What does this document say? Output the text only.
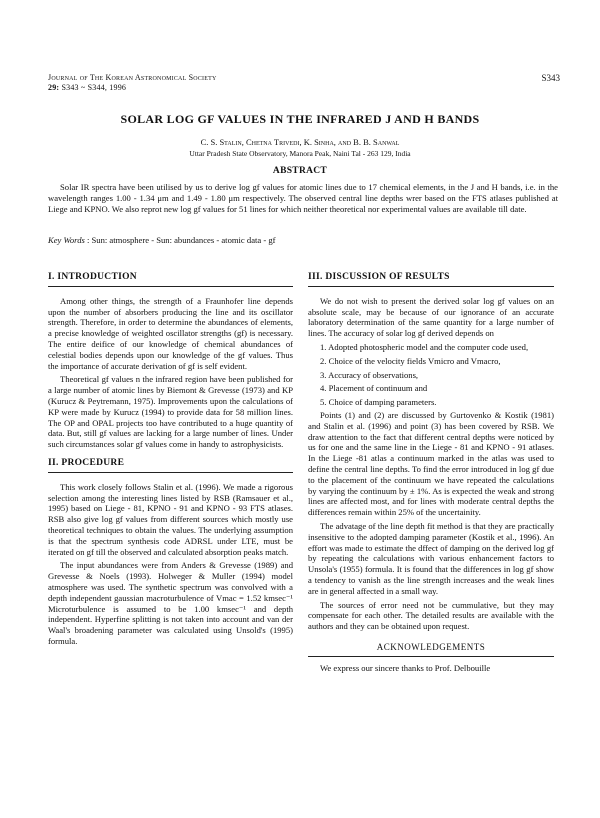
Journal of The Korean Astronomical Society
29: S343 ~ S344, 1996
S343
SOLAR LOG GF VALUES IN THE INFRARED J AND H BANDS
C. S. Stalin, Chetna Trivedi, K. Sinha, and B. B. Sanwal
Uttar Pradesh State Observatory, Manora Peak, Naini Tal - 263 129, India
ABSTRACT
Solar IR spectra have been utilised by us to derive log gf values for atomic lines due to 17 chemical elements, in the J and H bands, i.e. in the wavelength ranges 1.00 - 1.34 μm and 1.49 - 1.80 μm respectively. The observed central line depths wrer based on the FTS atlases published at Liege and KPNO. We also reprot new log gf values for 51 lines for which neither theoretical nor experimental values are available till date.
Key Words : Sun: atmosphere - Sun: abundances - atomic data - gf
I. INTRODUCTION

Among other things, the strength of a Fraunhofer line depends upon the number of absorbers producing the line and its oscillator strength. Therefore, in order to determine the abundances of elements, a precise knowledge of weighted oscillator strengths (gf) is necessary. The entire deifice of our knowledge of chemical abundances of celestial bodies depends upon our knowledge of the gf values. Thus the importance of accurate derivation of gf is self evident.

Theoretical gf values n the infrared region have been published for a large number of atomic lines by Biemont & Grevesse (1973) and KP (Kurucz & Peytremann, 1975). Improvements upon the calculations of KP were made by Kurucz (1994) to provide data for 58 million lines. The OP and OPAL projects too have contributed to a huge quantity of data. But, still gf values are lacking for a large number of lines. Under such circumstances solar gf values come in handy to astrophysicists.

II. PROCEDURE

This work closely follows Stalin et al. (1996). We made a rigorous selection among the interesting lines listed by RSB (Ramsauer et al., 1995) based on Liege - 81, KPNO - 91 and KPNO - 93 FTS atlases. RSB also give log gf values from different sources which mostly use theoretical techniques to obtain the values. The underlying assumption is that the spectrum synthesis code ADRSL under LTE, must be iterated on gf till the observed and calculated absorption peaks match.

The input abundances were from Anders & Grevesse (1989) and Grevesse & Noels (1993). Holweger & Muller (1994) model atmosphere was used. The synthetic spectrum was convolved with a depth independent gaussian macroturbulence of Vmac = 1.52 kmsec⁻¹ Microturbulence is assumed to be 1.00 kmsec⁻¹ and depth independent. Hyperfine splitting is not taken into account and van der Waal's broadening parameter was calculated using Unsold's (1995) formula.

III. DISCUSSION OF RESULTS

We do not wish to present the derived solar log gf values on an absolute scale, may be because of our ignorance of an accurate laboratory determination of the same quantity for a large number of lines. The accuracy of solar log gf derived depends on

1. Adopted photospheric model and the computer code used,

2. Choice of the velocity fields Vmicro and Vmacro,

3. Accuracy of observations,

4. Placement of continuum and

5. Choice of damping parameters.

Points (1) and (2) are discussed by Gurtovenko & Kostik (1981) and Stalin et al. (1996) and point (3) has been covered by RSB. We draw attention to the fact that different central depths were noticed by us for one and the same line in the Liege - 81 and KPNO - 91 atlases. In the Liege -81 atlas a continuum marked in the atlas was used to define the central line depths. To find the error introduced in log gf due to the placement of the continuum we have repeated the calculations by varying the continuum by ± 1%. As is expected the weak and strong lines are affected most, and for lines with moderate central depths the differences remain within 25% of the uncertainity.

The advatage of the line depth fit method is that they are practically insensitive to the adopted damping parameter (Kostik et al., 1996). An effort was made to estimate the dffect of damping on the derived log gf by repeating the calculations with various enhancement factors to Unsola's (1955) formula. It is found that the differences in log gf show a tendency to vanish as the line strength increases and the weak lines are in general affected in a small way.

The sources of error need not be cummulative, but they may compensate for each other. The detailed results are available with the authors and they can be obtained upon request.

ACKNOWLEDGEMENTS

We express our sincere thanks to Prof. Delbouille
